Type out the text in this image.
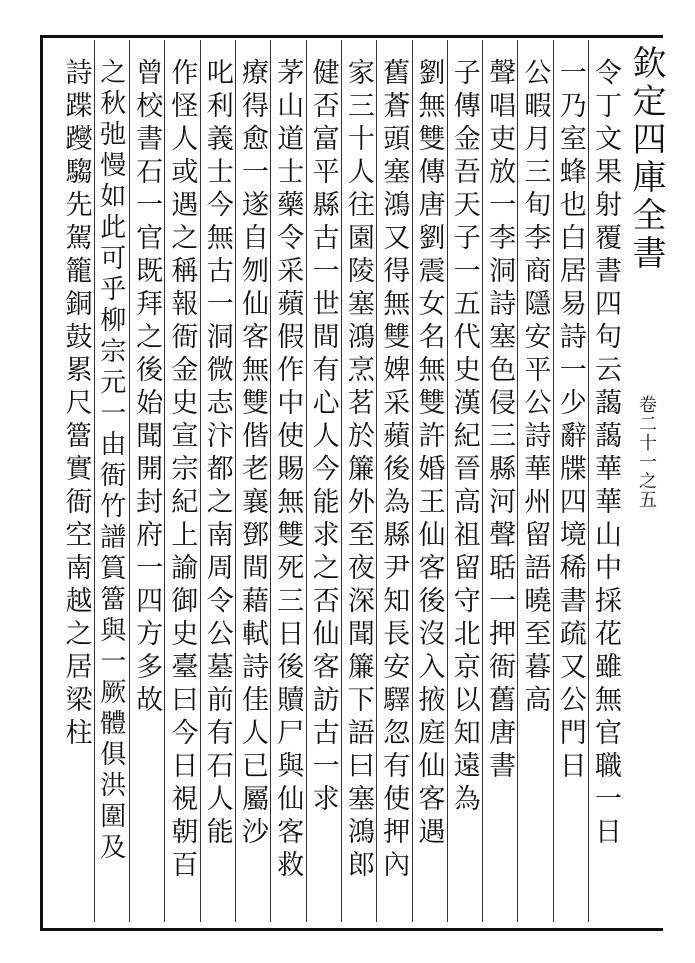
欽定四庫全書
卷二十一之五
令丁文果射覆書四句云藹藹華華山中採花雖無官職一日
一乃室蜂也白居易詩一少辭牒四境稀書疏又公門日
公暇月三旬李商隱安平公詩華州留語曉至暮高
聲唱吏放一李洞詩塞色侵三縣河聲聒一押衙舊唐書
子傳金吾天子一五代史漢紀晉高祖留守北京以知遠為
劉無雙傳唐劉震女名無雙許婚王仙客後沒入掖庭仙客遇
舊蒼頭塞鴻又得無雙婢采蘋後為縣尹知長安驛忽有使押內
家三十人往園陵塞鴻烹茗於簾外至夜深聞簾下語曰塞鴻郎
健否富平縣古一世間有心人今能求之否仙客訪古一求
茅山道士藥令采蘋假作中使賜無雙死三日後贖尸與仙客救
療得愈一遂自刎仙客無雙偕老襄鄧間藉軾詩佳人已屬沙
叱利義士今無古一洞微志汴都之南周令公墓前有石人能
作怪人或遇之稱報衙金史宣宗紀上諭御史臺曰今日視朝百
曾校書石一官既拜之後始聞開封府一四方多故
之秋弛慢如此可乎柳宗元一由衙竹譜篔簹與一厥體俱洪圍及
詩蹀躞騶先駕籠銅鼓累尺簹實衙空南越之居梁柱
